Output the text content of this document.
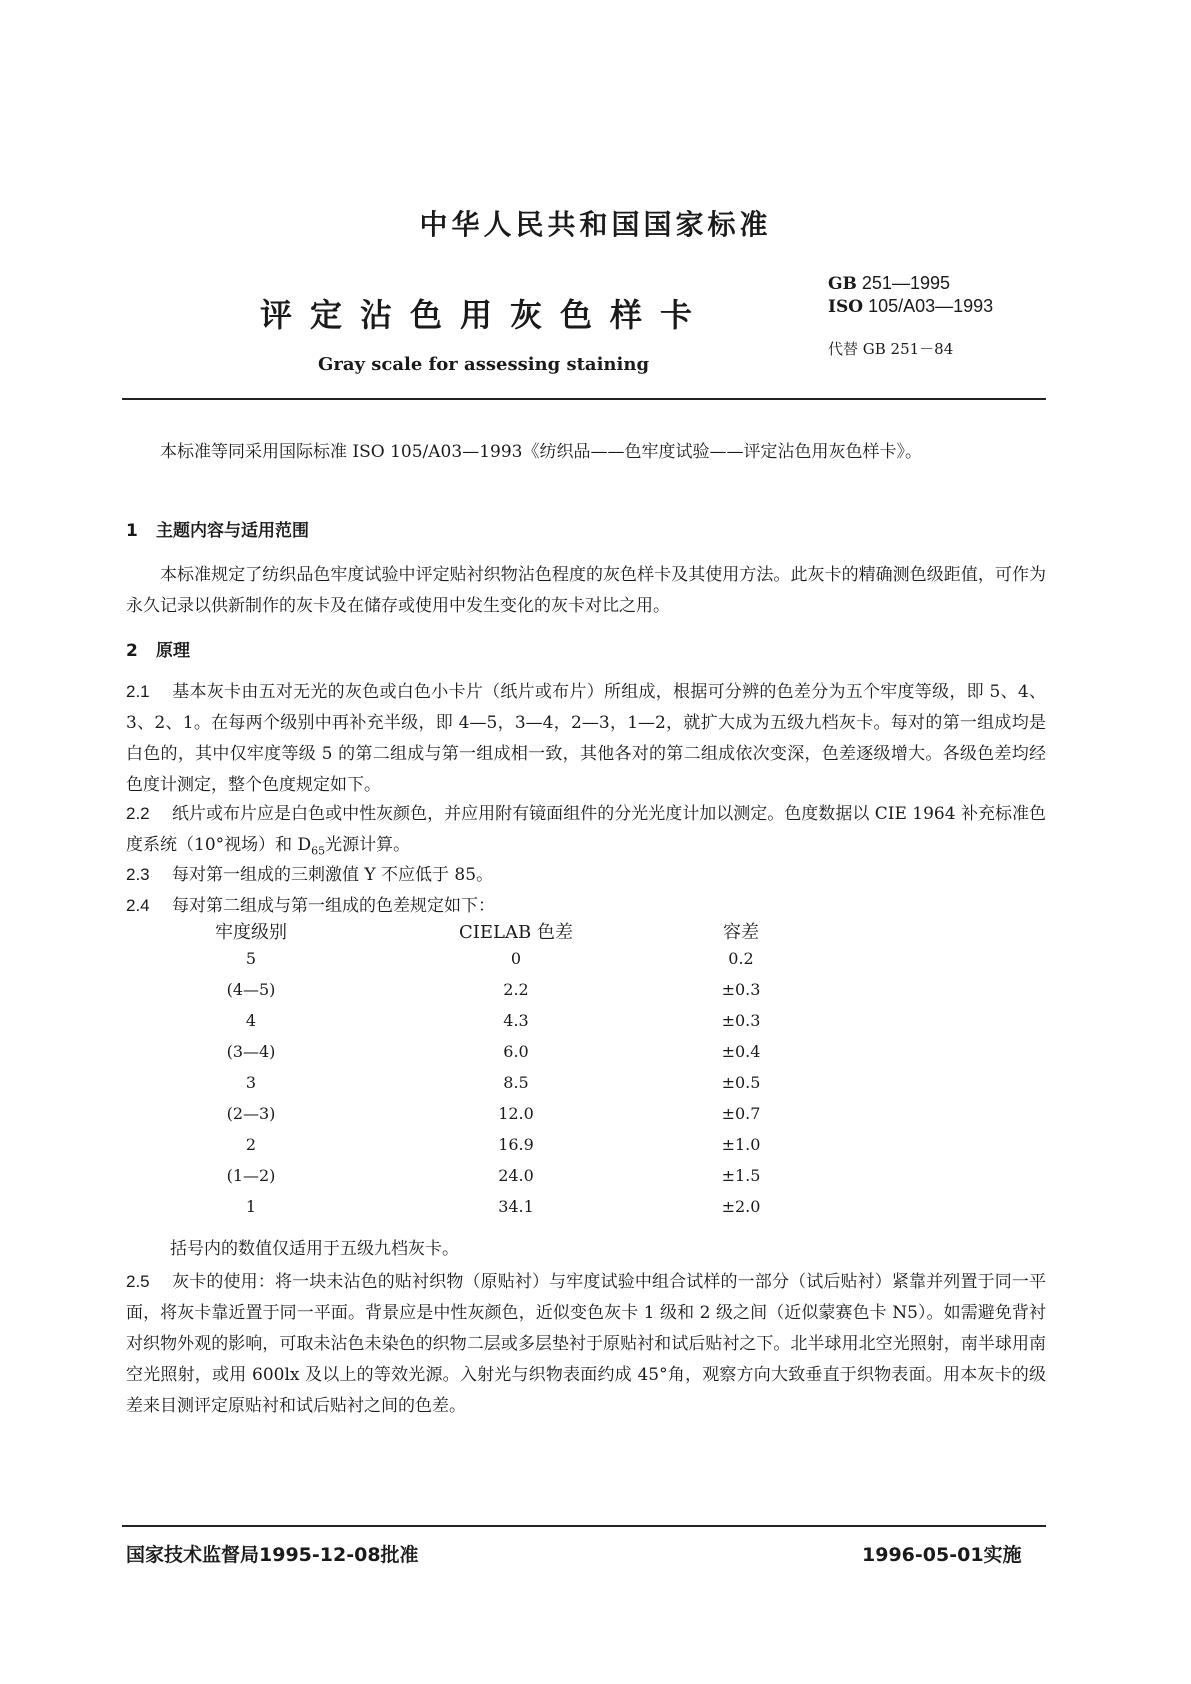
中华人民共和国国家标准
评定沾色用灰色样卡
Gray scale for assessing staining
GB 251—1995
ISO 105/A03—1993
代替 GB 251－84
本标准等同采用国际标准 ISO 105/A03—1993《纺织品——色牢度试验——评定沾色用灰色样卡》。
1 主题内容与适用范围
本标准规定了纺织品色牢度试验中评定贴衬织物沾色程度的灰色样卡及其使用方法。此灰卡的精确测色级距值，可作为永久记录以供新制作的灰卡及在储存或使用中发生变化的灰卡对比之用。
2 原理
2.1 基本灰卡由五对无光的灰色或白色小卡片（纸片或布片）所组成，根据可分辨的色差分为五个牢度等级，即 5、4、3、2、1。在每两个级别中再补充半级，即 4—5，3—4，2—3，1—2，就扩大成为五级九档灰卡。每对的第一组成均是白色的，其中仅牢度等级 5 的第二组成与第一组成相一致，其他各对的第二组成依次变深，色差逐级增大。各级色差均经色度计测定，整个色度规定如下。
2.2 纸片或布片应是白色或中性灰颜色，并应用附有镜面组件的分光光度计加以测定。色度数据以 CIE 1964 补充标准色度系统（10°视场）和 $D_{65}$光源计算。
2.3 每对第一组成的三刺激值 Y 不应低于 85。
2.4 每对第二组成与第一组成的色差规定如下：
牢度级别	CIELAB 色差	容差
5	0	0.2
(4—5)	2.2	±0.3
4	4.3	±0.3
(3—4)	6.0	±0.4
3	8.5	±0.5
(2—3)	12.0	±0.7
2	16.9	±1.0
(1—2)	24.0	±1.5
1	34.1	±2.0
括号内的数值仅适用于五级九档灰卡。
2.5 灰卡的使用：将一块未沾色的贴衬织物（原贴衬）与牢度试验中组合试样的一部分（试后贴衬）紧靠并列置于同一平面，将灰卡靠近置于同一平面。背景应是中性灰颜色，近似变色灰卡 1 级和 2 级之间（近似蒙赛色卡 N5）。如需避免背衬对织物外观的影响，可取未沾色未染色的织物二层或多层垫衬于原贴衬和试后贴衬之下。北半球用北空光照射，南半球用南空光照射，或用 600lx 及以上的等效光源。入射光与织物表面约成 45°角，观察方向大致垂直于织物表面。用本灰卡的级差来目测评定原贴衬和试后贴衬之间的色差。
国家技术监督局1995-12-08批准	1996-05-01实施
